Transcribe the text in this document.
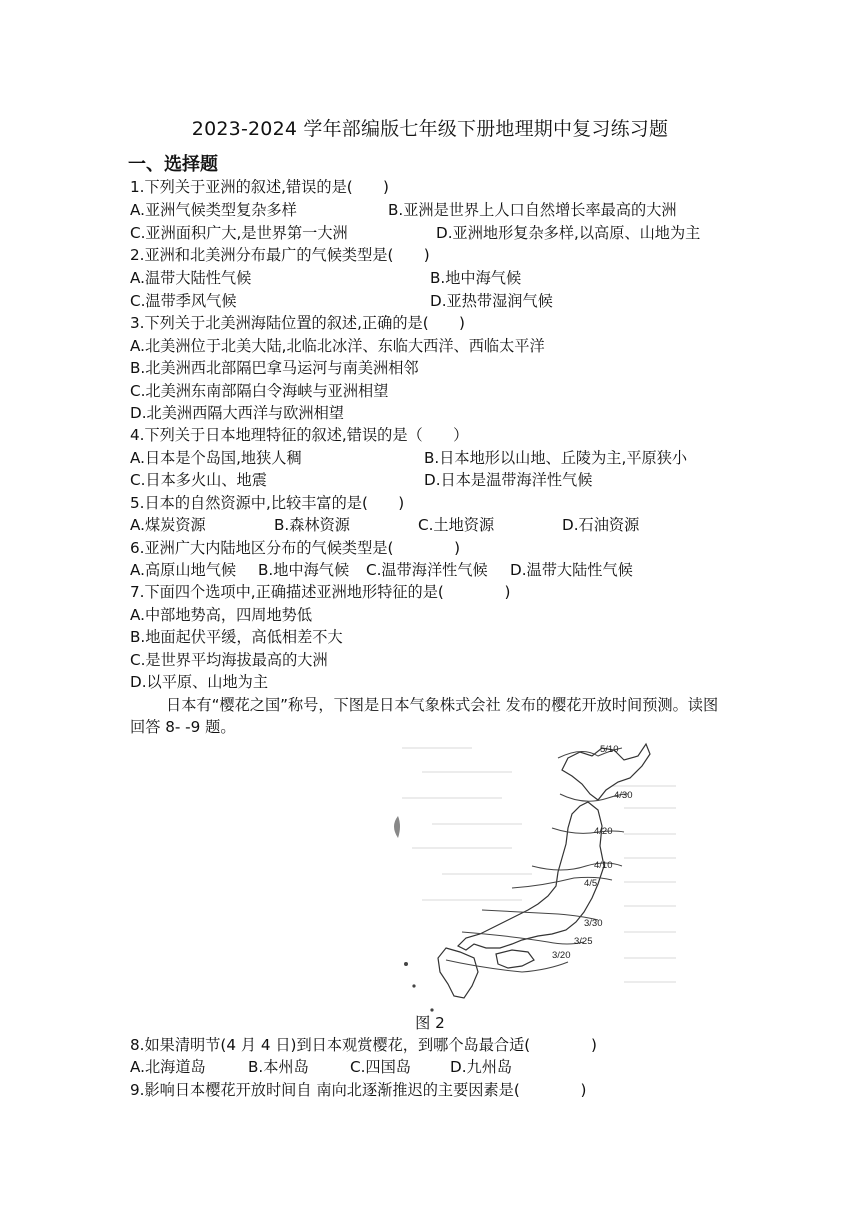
2023-2024 学年部编版七年级下册地理期中复习练习题
一、选择题
1.下列关于亚洲的叙述,错误的是(　　)
A.亚洲气候类型复杂多样	B.亚洲是世界上人口自然增长率最高的大洲
C.亚洲面积广大,是世界第一大洲	D.亚洲地形复杂多样,以高原、山地为主
2.亚洲和北美洲分布最广的气候类型是(　　)
A.温带大陆性气候	B.地中海气候
C.温带季风气候	D.亚热带湿润气候
3.下列关于北美洲海陆位置的叙述,正确的是(　　)
A.北美洲位于北美大陆,北临北冰洋、东临大西洋、西临太平洋
B.北美洲西北部隔巴拿马运河与南美洲相邻
C.北美洲东南部隔白令海峡与亚洲相望
D.北美洲西隔大西洋与欧洲相望
4.下列关于日本地理特征的叙述,错误的是（　　）
A.日本是个岛国,地狭人稠	B.日本地形以山地、丘陵为主,平原狭小
C.日本多火山、地震	D.日本是温带海洋性气候
5.日本的自然资源中,比较丰富的是(　　)
A.煤炭资源	B.森林资源	C.土地资源	D.石油资源
6.亚洲广大内陆地区分布的气候类型是(　　　　)
A.高原山地气候 B.地中海气候 C.温带海洋性气候 D.温带大陆性气候
7.下面四个选项中,正确描述亚洲地形特征的是(　　　　)
A.中部地势高，四周地势低
B.地面起伏平缓，高低相差不大
C.是世界平均海拔最高的大洲
D.以平原、山地为主
日本有“樱花之国”称号，下图是日本气象株式会社 发布的樱花开放时间预测。读图回答 8- -9 题。
5/10
4/30
4/20
4/10
4/5
3/30
3/25
3/20
图 2
8.如果清明节(4 月 4 日)到日本观赏樱花，到哪个岛最合适(　　　　)
A.北海道岛	B.本州岛	C.四国岛	D.九州岛
9.影响日本樱花开放时间自 南向北逐渐推迟的主要因素是(　　　　)
